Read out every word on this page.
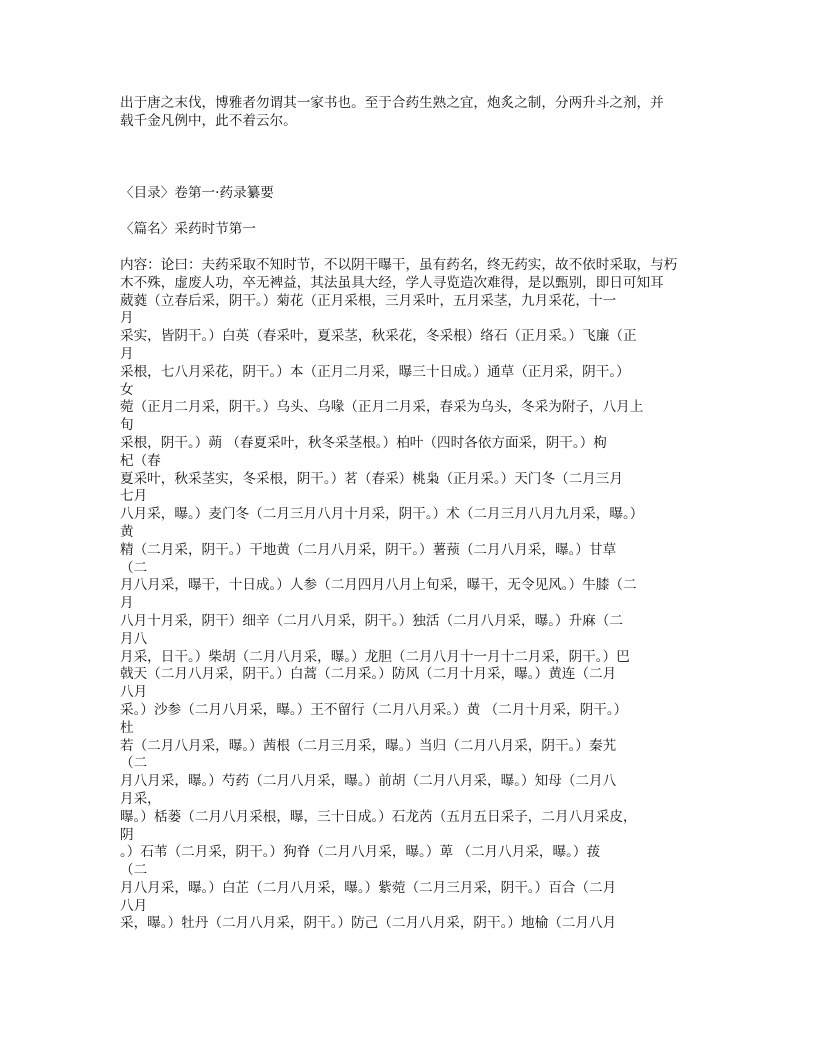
出于唐之末伐，博雅者勿谓其一家书也。至于合药生熟之宜，炮炙之制，分两升斗之剂，并
载千金凡例中，此不着云尔。
〈目录〉卷第一·药录纂要
〈篇名〉采药时节第一
内容：论曰：夫药采取不知时节，不以阴干曝干，虽有药名，终无药实，故不依时采取，与朽
木不殊，虚废人功，卒无裨益，其法虽具大经，学人寻览造次难得，是以甄别，即日可知耳
葳蕤（立春后采，阴干。）菊花（正月采根，三月采叶，五月采茎，九月采花，十一
月
采实，皆阴干。）白英（春采叶，夏采茎，秋采花，冬采根）络石（正月采。）飞廉（正
月
采根，七八月采花，阴干。）本（正月二月采，曝三十日成。）通草（正月采，阴干。）
女
菀（正月二月采，阴干。）乌头、乌喙（正月二月采，春采为乌头，冬采为附子，八月上
旬
采根，阴干。）蒴 （春夏采叶，秋冬采茎根。）柏叶（四时各依方面采，阴干。）枸
杞（春
夏采叶，秋采茎实，冬采根，阴干。）茗（春采）桃枭（正月采。）天门冬（二月三月
七月
八月采，曝。）麦门冬（二月三月八月十月采，阴干。）术（二月三月八月九月采，曝。）
黄
精（二月采，阴干。）干地黄（二月八月采，阴干。）薯蓣（二月八月采，曝。）甘草
（二
月八月采，曝干，十日成。）人参（二月四月八月上旬采，曝干，无令见风。）牛膝（二
月
八月十月采，阴干）细辛（二月八月采，阴干。）独活（二月八月采，曝。）升麻（二
月八
月采，日干。）柴胡（二月八月采，曝。）龙胆（二月八月十一月十二月采，阴干。）巴
戟天（二月八月采，阴干。）白蒿（二月采。）防风（二月十月采，曝。）黄连（二月
八月
采。）沙参（二月八月采，曝。）王不留行（二月八月采。）黄 （二月十月采，阴干。）
杜
若（二月八月采，曝。）茜根（二月三月采，曝。）当归（二月八月采，阴干。）秦艽
（二
月八月采，曝。）芍药（二月八月采，曝。）前胡（二月八月采，曝。）知母（二月八
月采，
曝。）栝蒌（二月八月采根，曝，三十日成。）石龙芮（五月五日采子，二月八月采皮，
阴
。）石苇（二月采，阴干。）狗脊（二月八月采，曝。）萆 （二月八月采，曝。）菝
（二
月八月采，曝。）白芷（二月八月采，曝。）紫菀（二月三月采，阴干。）百合（二月
八月
采，曝。）牡丹（二月八月采，阴干。）防己（二月八月采，阴干。）地榆（二月八月
